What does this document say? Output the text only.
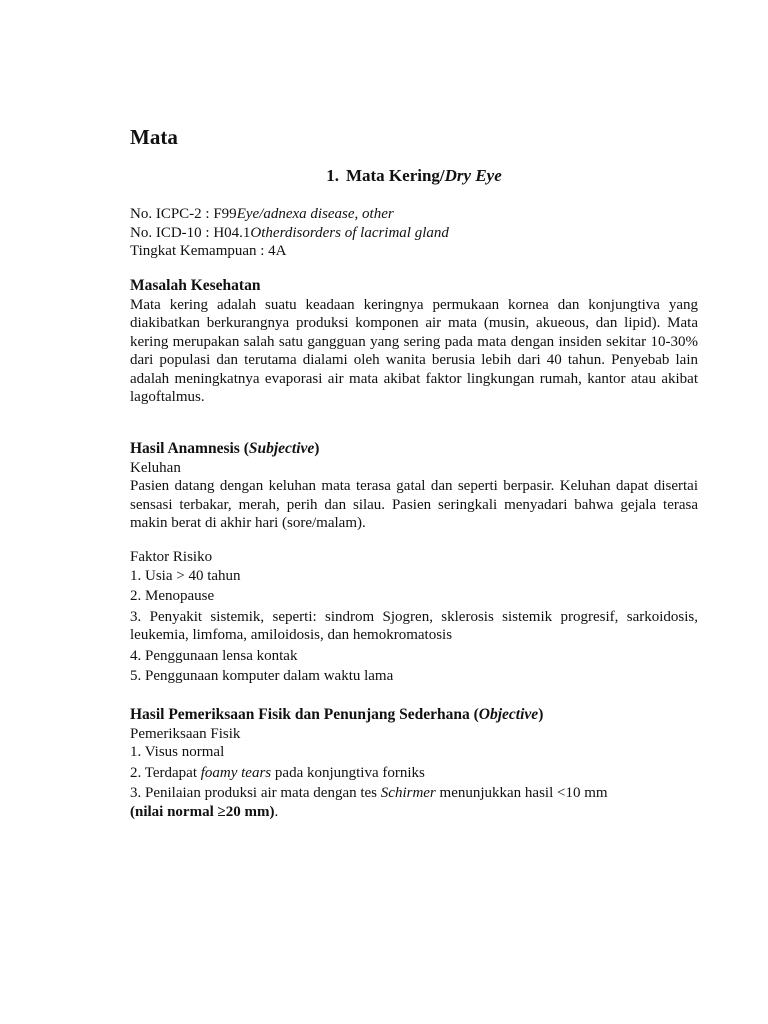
Mata
1. Mata Kering/Dry Eye
No. ICPC-2 : F99Eye/adnexa disease, other
No. ICD-10 : H04.1Otherdisorders of lacrimal gland
Tingkat Kemampuan : 4A
Masalah Kesehatan
Mata kering adalah suatu keadaan keringnya permukaan kornea dan konjungtiva yang diakibatkan berkurangnya produksi komponen air mata (musin, akueous, dan lipid). Mata kering merupakan salah satu gangguan yang sering pada mata dengan insiden sekitar 10-30% dari populasi dan terutama dialami oleh wanita berusia lebih dari 40 tahun. Penyebab lain adalah meningkatnya evaporasi air mata akibat faktor lingkungan rumah, kantor atau akibat lagoftalmus.
Hasil Anamnesis (Subjective)
Keluhan
Pasien datang dengan keluhan mata terasa gatal dan seperti berpasir. Keluhan dapat disertai sensasi terbakar, merah, perih dan silau. Pasien seringkali menyadari bahwa gejala terasa makin berat di akhir hari (sore/malam).
Faktor Risiko
1. Usia > 40 tahun
2. Menopause
3. Penyakit sistemik, seperti: sindrom Sjogren, sklerosis sistemik progresif, sarkoidosis, leukemia, limfoma, amiloidosis, dan hemokromatosis
4. Penggunaan lensa kontak
5. Penggunaan komputer dalam waktu lama
Hasil Pemeriksaan Fisik dan Penunjang Sederhana (Objective)
Pemeriksaan Fisik
1. Visus normal
2. Terdapat foamy tears pada konjungtiva forniks
3. Penilaian produksi air mata dengan tes Schirmer menunjukkan hasil <10 mm
(nilai normal ≥20 mm).
